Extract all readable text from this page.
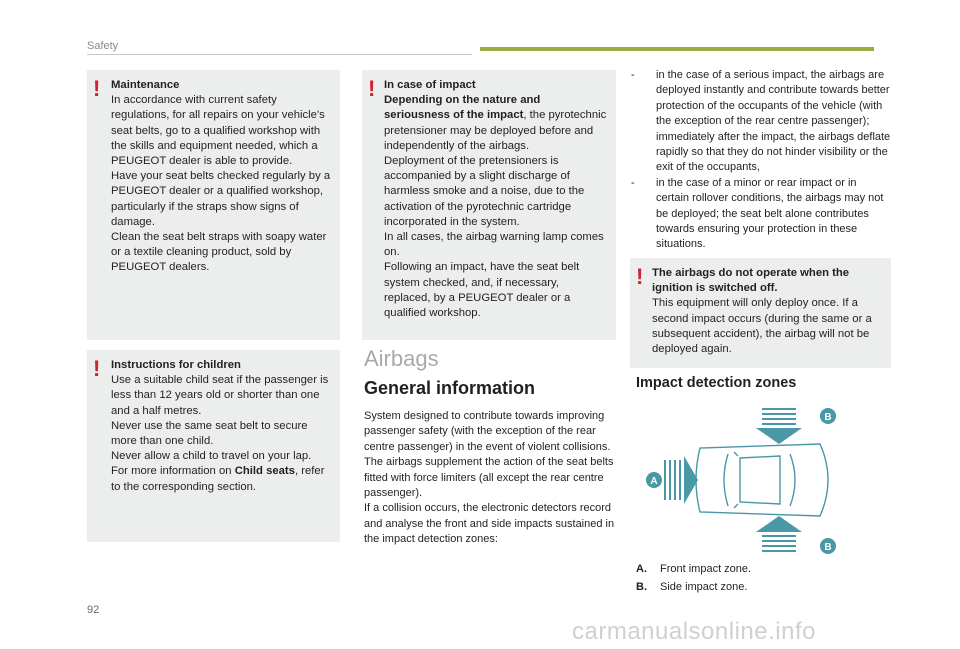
Safety
! Maintenance

In accordance with current safety regulations, for all repairs on your vehicle's seat belts, go to a qualified workshop with the skills and equipment needed, which a PEUGEOT dealer is able to provide.

Have your seat belts checked regularly by a PEUGEOT dealer or a qualified workshop, particularly if the straps show signs of damage.

Clean the seat belt straps with soapy water or a textile cleaning product, sold by PEUGEOT dealers.

! Instructions for children

Use a suitable child seat if the passenger is less than 12 years old or shorter than one and a half metres.

Never use the same seat belt to secure more than one child.

Never allow a child to travel on your lap.

For more information on Child seats, refer to the corresponding section.

! In case of impact

Depending on the nature and seriousness of the impact, the pyrotechnic pretensioner may be deployed before and independently of the airbags.

Deployment of the pretensioners is accompanied by a slight discharge of harmless smoke and a noise, due to the activation of the pyrotechnic cartridge incorporated in the system.

In all cases, the airbag warning lamp comes on.

Following an impact, have the seat belt system checked, and, if necessary, replaced, by a PEUGEOT dealer or a qualified workshop.

Airbags
General information

System designed to contribute towards improving passenger safety (with the exception of the rear centre passenger) in the event of violent collisions. The airbags supplement the action of the seat belts fitted with force limiters (all except the rear centre passenger).

If a collision occurs, the electronic detectors record and analyse the front and side impacts sustained in the impact detection zones:

- in the case of a serious impact, the airbags are deployed instantly and contribute towards better protection of the occupants of the vehicle (with the exception of the rear centre passenger); immediately after the impact, the airbags deflate rapidly so that they do not hinder visibility or the exit of the occupants,
- in the case of a minor or rear impact or in certain rollover conditions, the airbags may not be deployed; the seat belt alone contributes towards ensuring your protection in these situations.
! The airbags do not operate when the ignition is switched off.

This equipment will only deploy once. If a second impact occurs (during the same or a subsequent accident), the airbag will not be deployed again.

Impact detection zones
B
B
A
A.	Front impact zone.
B.	Side impact zone.
92
carmanualsonline.info
